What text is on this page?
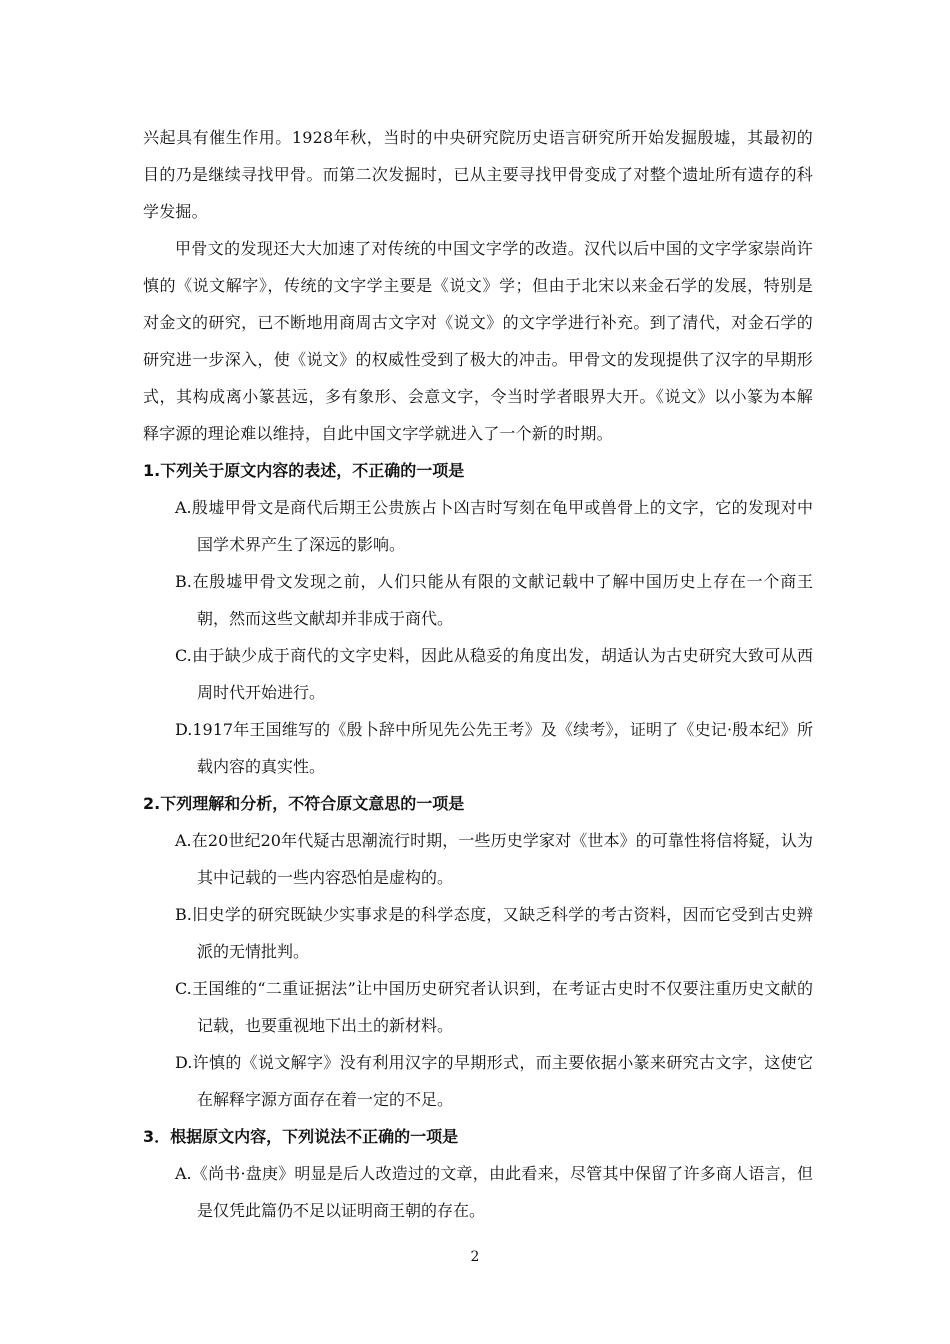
兴起具有催生作用。1928年秋，当时的中央研究院历史语言研究所开始发掘殷墟，其最初的目的乃是继续寻找甲骨。而第二次发掘时，已从主要寻找甲骨变成了对整个遗址所有遗存的科学发掘。

甲骨文的发现还大大加速了对传统的中国文字学的改造。汉代以后中国的文字学家崇尚许慎的《说文解字》，传统的文字学主要是《说文》学；但由于北宋以来金石学的发展，特别是对金文的研究，已不断地用商周古文字对《说文》的文字学进行补充。到了清代，对金石学的研究进一步深入，使《说文》的权威性受到了极大的冲击。甲骨文的发现提供了汉字的早期形式，其构成离小篆甚远，多有象形、会意文字，令当时学者眼界大开。《说文》以小篆为本解释字源的理论难以维持，自此中国文字学就进入了一个新的时期。

1.下列关于原文内容的表述，不正确的一项是

A.殷墟甲骨文是商代后期王公贵族占卜凶吉时写刻在龟甲或兽骨上的文字，它的发现对中国学术界产生了深远的影响。

B.在殷墟甲骨文发现之前，人们只能从有限的文献记载中了解中国历史上存在一个商王朝，然而这些文献却并非成于商代。

C.由于缺少成于商代的文字史料，因此从稳妥的角度出发，胡适认为古史研究大致可从西周时代开始进行。

D.1917年王国维写的《殷卜辞中所见先公先王考》及《续考》，证明了《史记·殷本纪》所载内容的真实性。

2.下列理解和分析，不符合原文意思的一项是

A.在20世纪20年代疑古思潮流行时期，一些历史学家对《世本》的可靠性将信将疑，认为其中记载的一些内容恐怕是虚构的。

B.旧史学的研究既缺少实事求是的科学态度，又缺乏科学的考古资料，因而它受到古史辨派的无情批判。

C.王国维的“二重证据法”让中国历史研究者认识到，在考证古史时不仅要注重历史文献的记载，也要重视地下出土的新材料。

D.许慎的《说文解字》没有利用汉字的早期形式，而主要依据小篆来研究古文字，这使它在解释字源方面存在着一定的不足。

3．根据原文内容，下列说法不正确的一项是

A.《尚书·盘庚》明显是后人改造过的文章，由此看来，尽管其中保留了许多商人语言，但是仅凭此篇仍不足以证明商王朝的存在。

2
